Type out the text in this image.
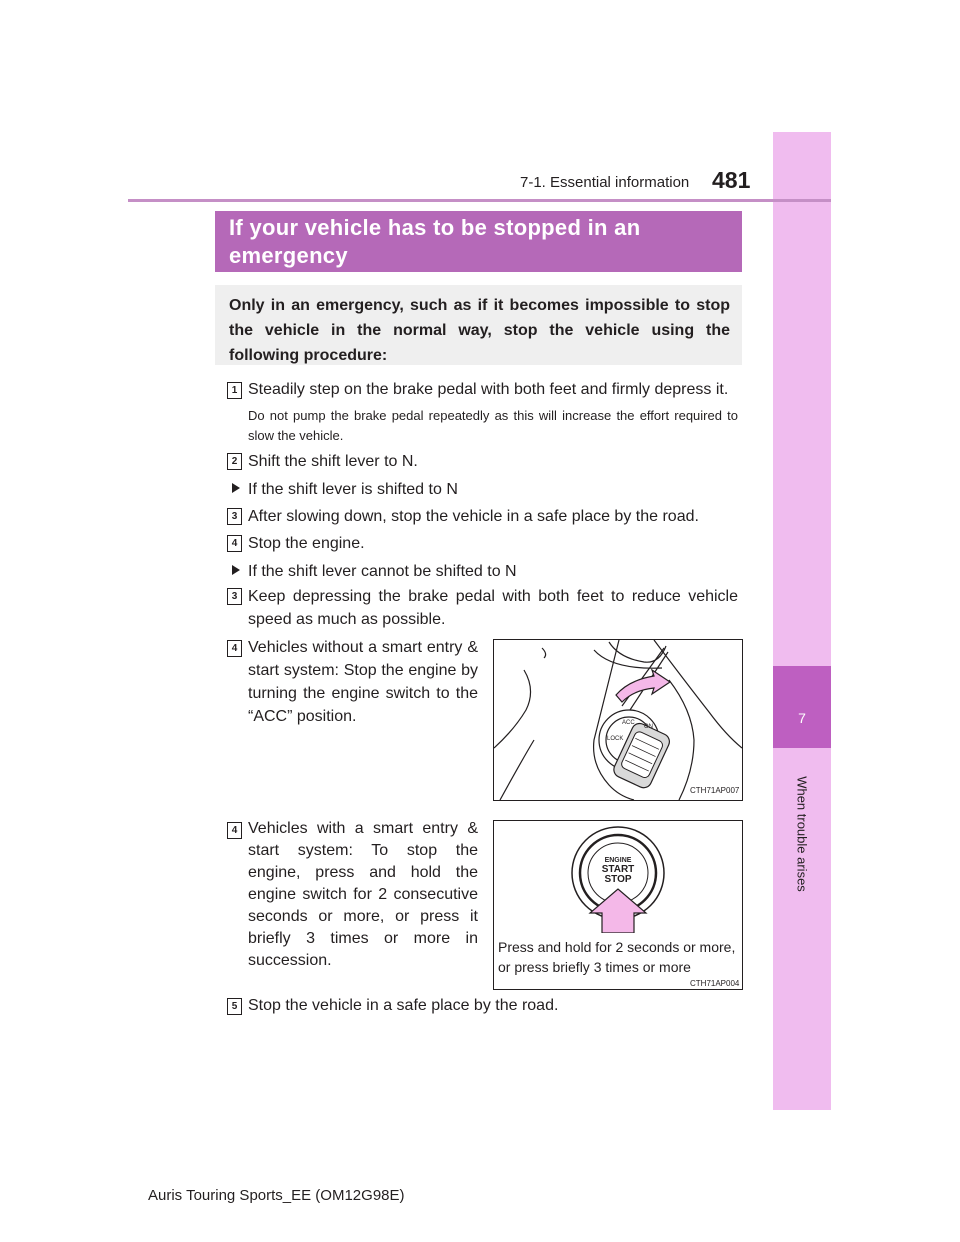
7
When trouble arises
7-1. Essential information 481
If your vehicle has to be stopped in an
emergency
Only in an emergency, such as if it becomes impossible to stop the vehicle in the normal way, stop the vehicle using the following procedure:
1 Steadily step on the brake pedal with both feet and firmly depress it.
Do not pump the brake pedal repeatedly as this will increase the effort required to slow the vehicle.
2 Shift the shift lever to N.
If the shift lever is shifted to N
3 After slowing down, stop the vehicle in a safe place by the road.
4 Stop the engine.
If the shift lever cannot be shifted to N
3 Keep depressing the brake pedal with both feet to reduce vehicle speed as much as possible.
4 Vehicles without a smart entry & start system: Stop the engine by turning the engine switch to the “ACC” position.
LOCK
ACC
ON
CTH71AP007
4 Vehicles with a smart entry & start system: To stop the engine, press and hold the engine switch for 2 consecutive seconds or more, or press it briefly 3 times or more in succession.
ENGINE
START
STOP
Press and hold for 2 seconds or more, or press briefly 3 times or more
CTH71AP004
5 Stop the vehicle in a safe place by the road.
Auris Touring Sports_EE (OM12G98E)
